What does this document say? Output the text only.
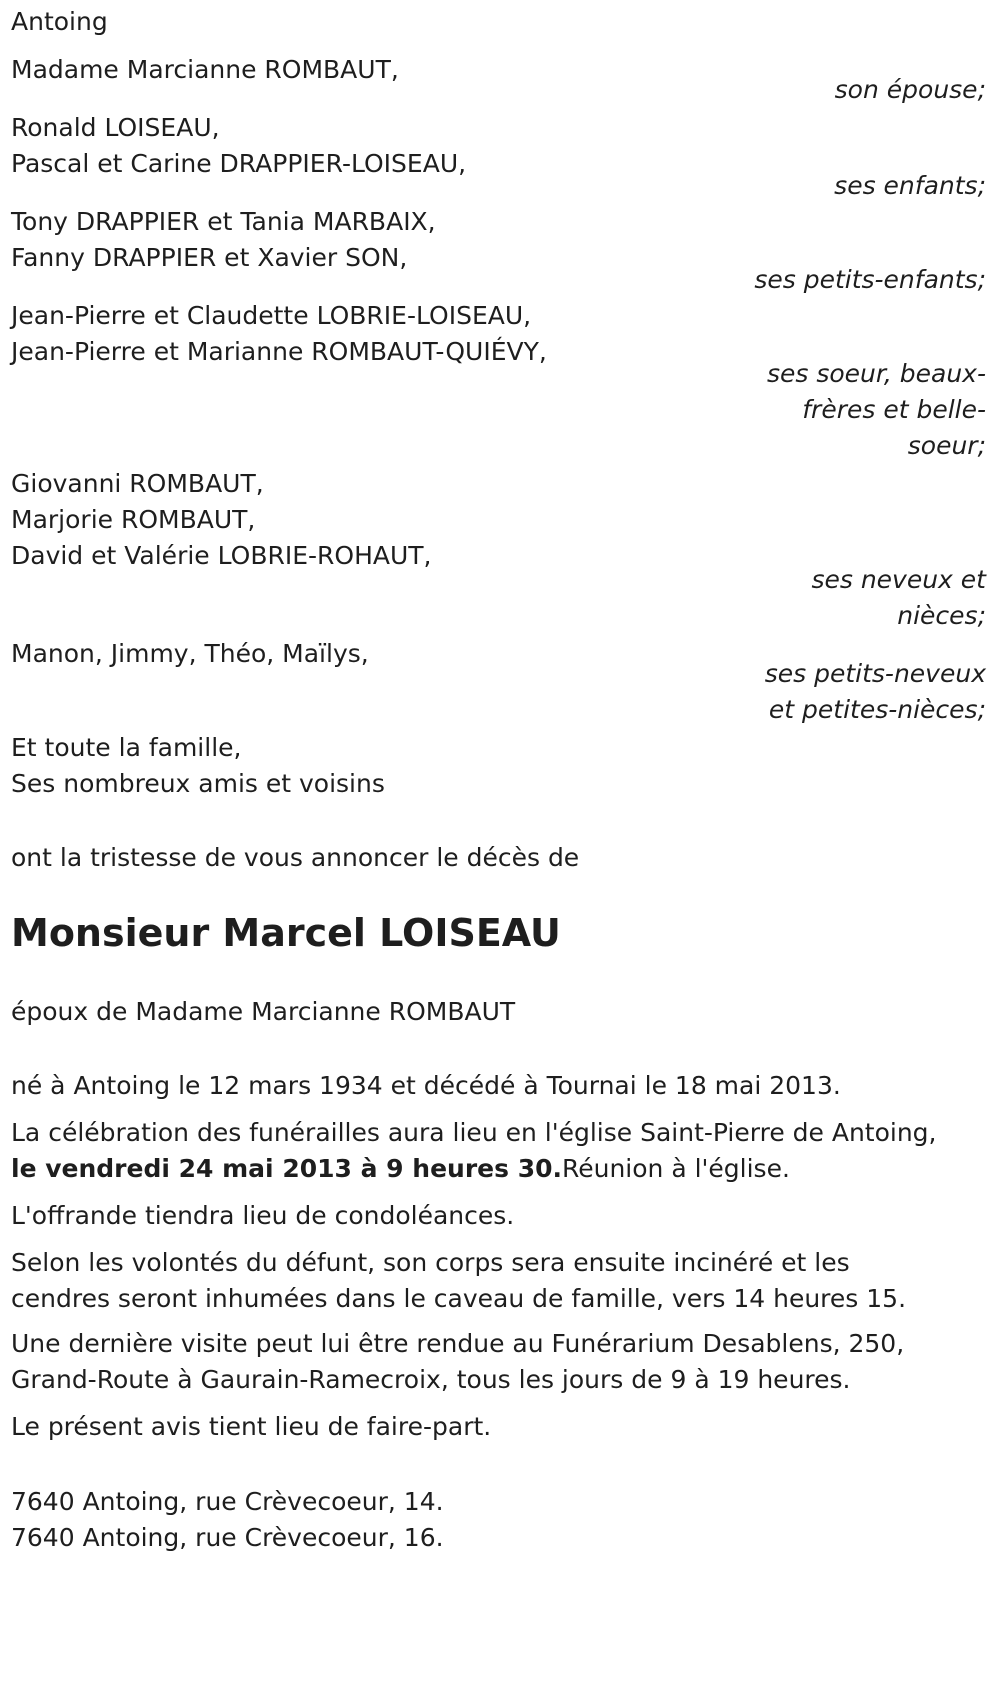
Antoing

Madame Marcianne ROMBAUT,

son épouse;

Ronald LOISEAU,

Pascal et Carine DRAPPIER-LOISEAU,

ses enfants;

Tony DRAPPIER et Tania MARBAIX,

Fanny DRAPPIER et Xavier SON,

ses petits-enfants;

Jean-Pierre et Claudette LOBRIE-LOISEAU,

Jean-Pierre et Marianne ROMBAUT-QUIÉVY,

ses soeur, beaux-frères et belle-soeur;

Giovanni ROMBAUT,

Marjorie ROMBAUT,

David et Valérie LOBRIE-ROHAUT,

ses neveux et nièces;

Manon, Jimmy, Théo, Maïlys,

ses petits-neveux et petites-nièces;

Et toute la famille,

Ses nombreux amis et voisins

ont la tristesse de vous annoncer le décès de

Monsieur Marcel LOISEAU

époux de Madame Marcianne ROMBAUT

né à Antoing le 12 mars 1934 et décédé à Tournai le 18 mai 2013.

La célébration des funérailles aura lieu en l'église Saint-Pierre de Antoing,

le vendredi 24 mai 2013 à 9 heures 30.Réunion à l'église.

L'offrande tiendra lieu de condoléances.

Selon les volontés du défunt, son corps sera ensuite inciné​ré et les

cendres seront inhumées dans le caveau de famille, vers 14 heures 15.

Une dernière visite peut lui être rendue au Funérarium Desablens, 250,

Grand-Route à Gaurain-Ramecroix, tous les jours de 9 à 19 heures.

Le présent avis tient lieu de faire-part.

7640 Antoing, rue Crèvecoeur, 14.

7640 Antoing, rue Crèvecoeur, 16.
